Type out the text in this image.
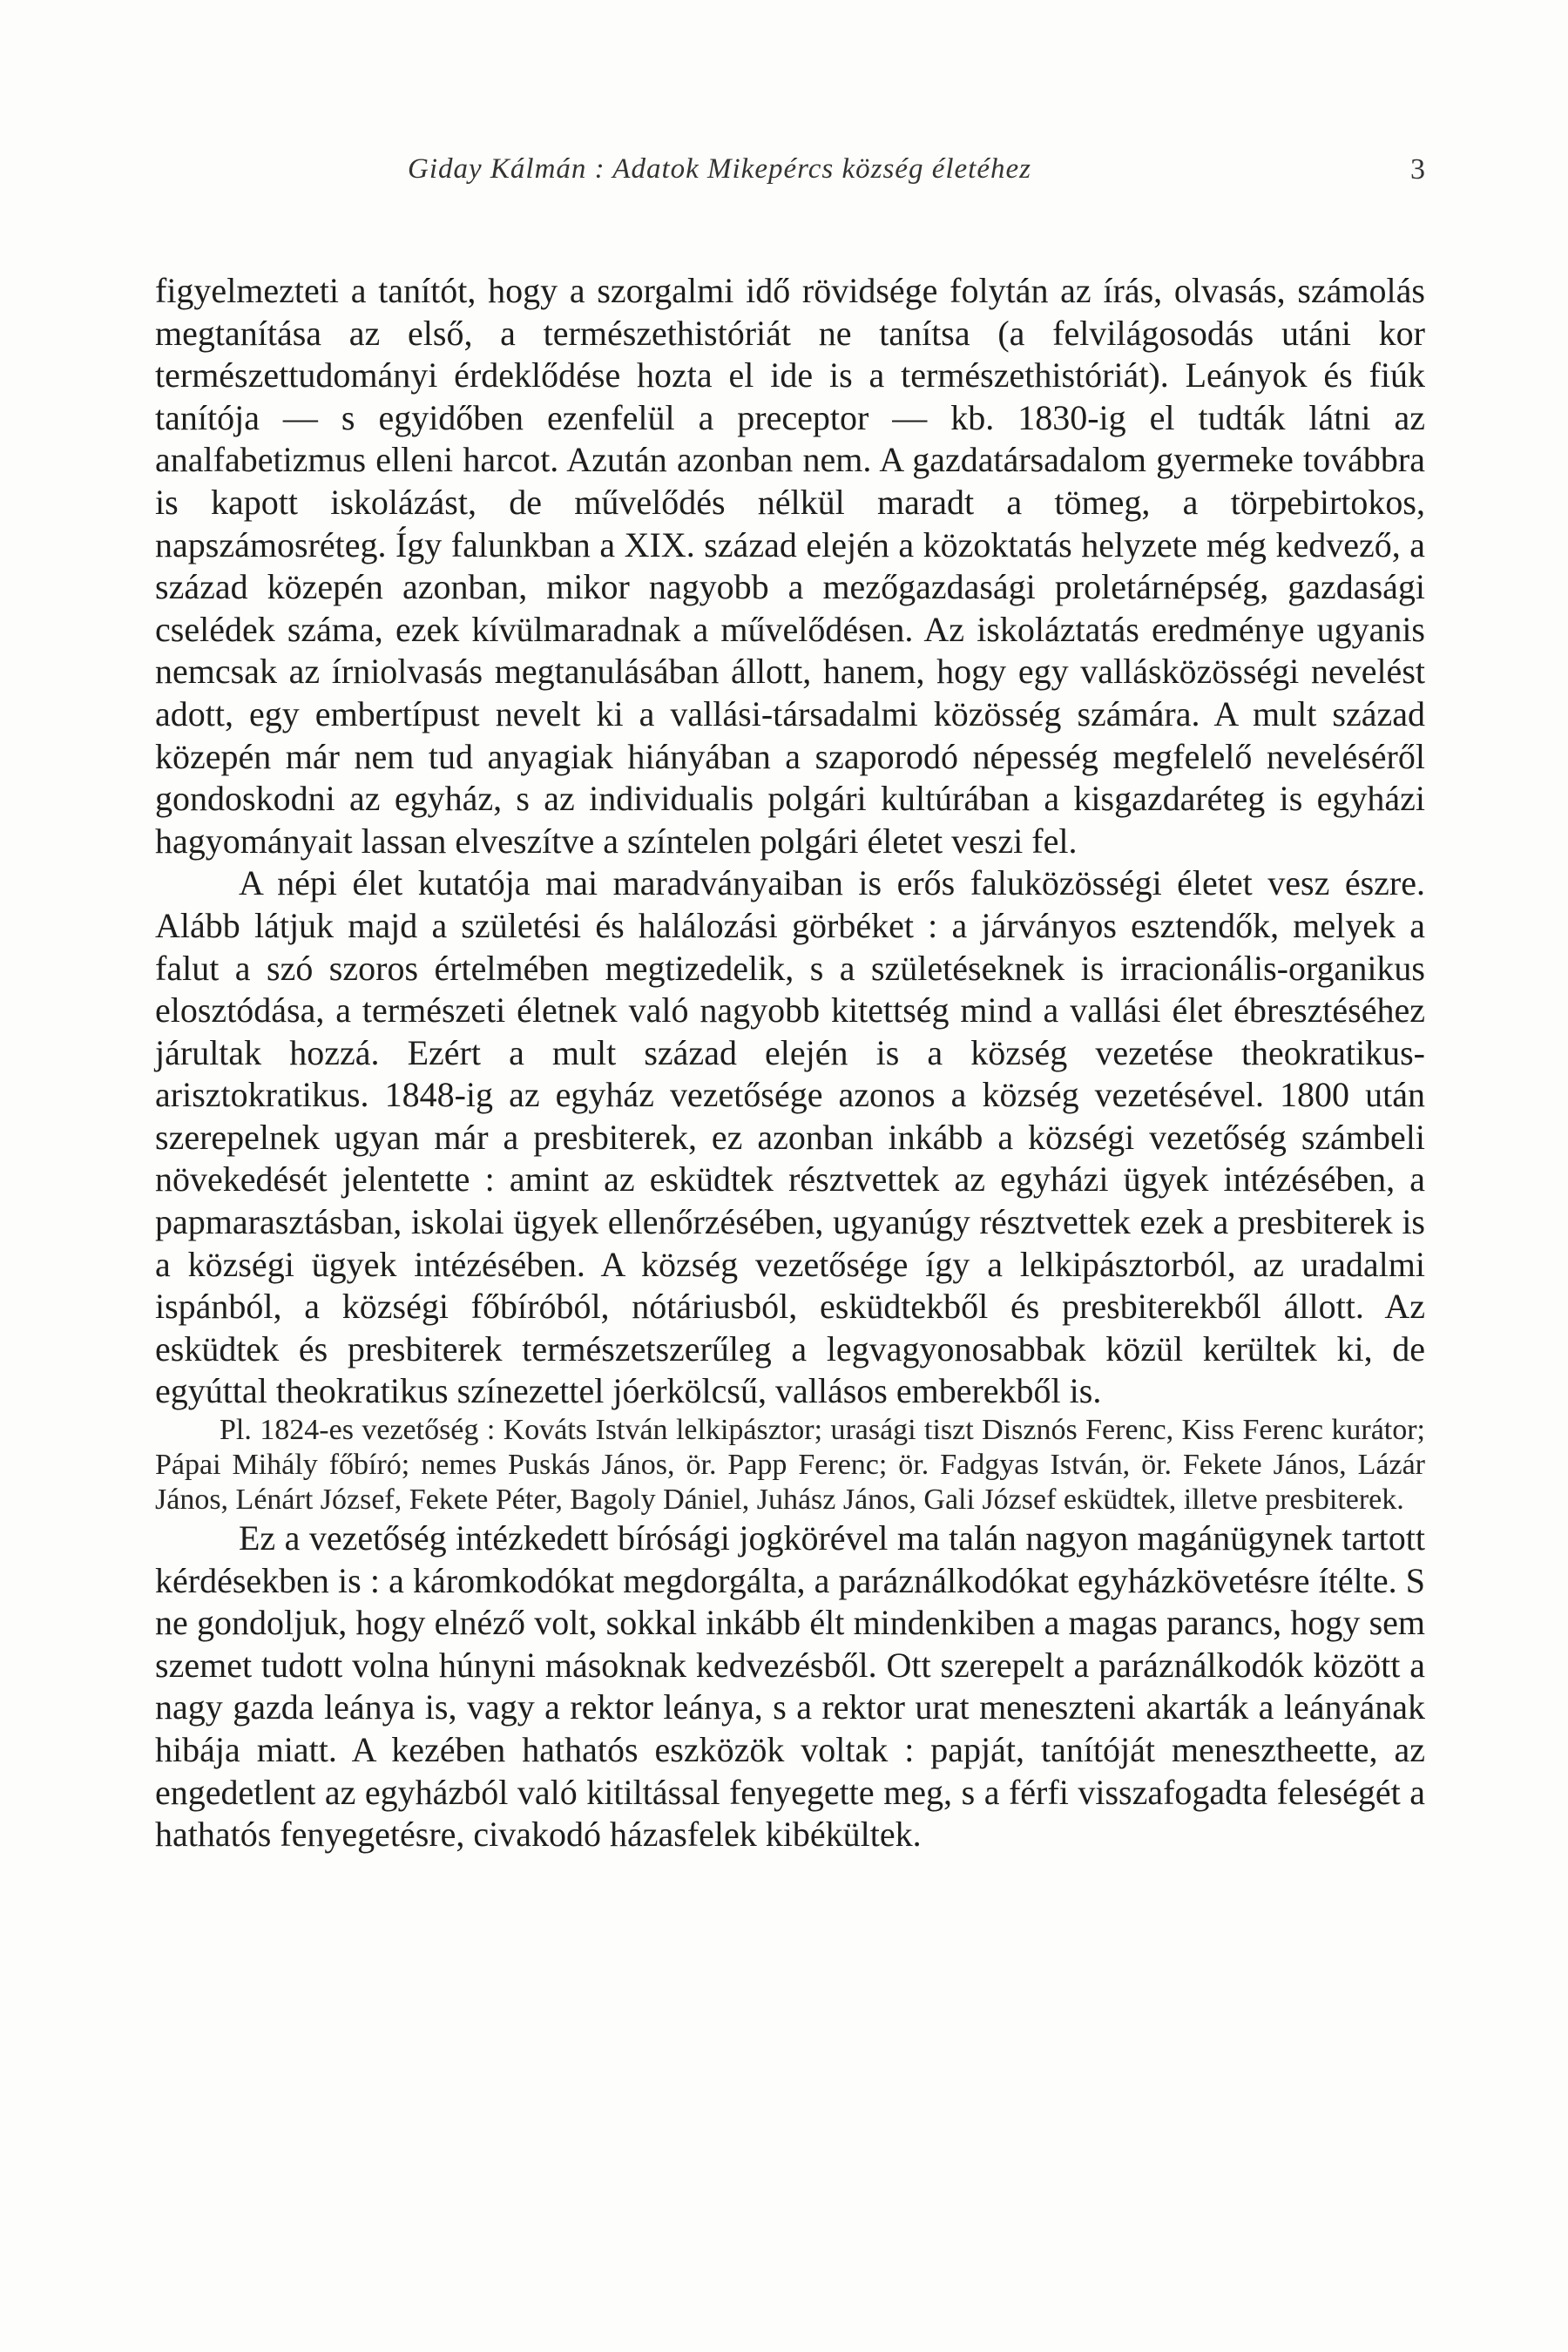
Giday Kálmán : Adatok Mikepércs község életéhez	3

figyelmezteti a tanítót, hogy a szorgalmi idő rövidsége folytán az írás, olvasás, számolás megtanítása az első, a természethistóriát ne tanítsa (a felvilágosodás utáni kor természettudományi érdeklődése hozta el ide is a természethistóriát). Leányok és fiúk tanítója — s egyidőben ezenfelül a preceptor — kb. 1830-ig el tudták látni az analfabetizmus elleni harcot. Azután azonban nem. A gazdatársadalom gyermeke továbbra is kapott iskolázást, de művelődés nélkül maradt a tömeg, a törpebirtokos, napszámosréteg. Így falunkban a XIX. század elején a közoktatás helyzete még kedvező, a század közepén azonban, mikor nagyobb a mezőgazdasági proletárnépség, gazdasági cselédek száma, ezek kívülmaradnak a művelődésen. Az iskoláztatás eredménye ugyanis nemcsak az írniolvasás megtanulásában állott, hanem, hogy egy vallásközösségi nevelést adott, egy embertípust nevelt ki a vallási-társadalmi közösség számára. A mult század közepén már nem tud anyagiak hiányában a szaporodó népesség megfelelő neveléséről gondoskodni az egyház, s az individualis polgári kultúrában a kisgazdaréteg is egyházi hagyományait lassan elveszítve a színtelen polgári életet veszi fel.

A népi élet kutatója mai maradványaiban is erős faluközösségi életet vesz észre. Alább látjuk majd a születési és halálozási görbéket : a járványos esztendők, melyek a falut a szó szoros értelmében megtizedelik, s a születéseknek is irracionális-organikus elosztódása, a természeti életnek való nagyobb kitettség mind a vallási élet ébresztéséhez járultak hozzá. Ezért a mult század elején is a község vezetése theokratikus-arisztokratikus. 1848-ig az egyház vezetősége azonos a község vezetésével. 1800 után szerepelnek ugyan már a presbiterek, ez azonban inkább a községi vezetőség számbeli növekedését jelentette : amint az esküdtek résztvettek az egyházi ügyek intézésében, a papmarasztásban, iskolai ügyek ellenőrzésében, ugyanúgy résztvettek ezek a presbiterek is a községi ügyek intézésében. A község vezetősége így a lelkipásztorból, az uradalmi ispánból, a községi főbíróból, nótáriusból, esküdtekből és presbiterekből állott. Az esküdtek és presbiterek természetszerűleg a legvagyonosabbak közül kerültek ki, de egyúttal theokratikus színezettel jóerkölcsű, vallásos emberekből is.

Pl. 1824-es vezetőség : Kováts István lelkipásztor; urasági tiszt Disznós Ferenc, Kiss Ferenc kurátor; Pápai Mihály főbíró; nemes Puskás János, ör. Papp Ferenc; ör. Fadgyas István, ör. Fekete János, Lázár János, Lénárt József, Fekete Péter, Bagoly Dániel, Juhász János, Gali József esküdtek, illetve presbiterek.

Ez a vezetőség intézkedett bírósági jogkörével ma talán nagyon magánügynek tartott kérdésekben is : a káromkodókat megdorgálta, a paráználkodókat egyházkövetésre ítélte. S ne gondoljuk, hogy elnéző volt, sokkal inkább élt mindenkiben a magas parancs, hogy sem szemet tudott volna húnyni másoknak kedvezésből. Ott szerepelt a paráználkodók között a nagy gazda leánya is, vagy a rektor leánya, s a rektor urat meneszteni akarták a leányának hibája miatt. A kezében hathatós eszközök voltak : papját, tanítóját menesztheette, az engedetlent az egyházból való kitiltással fenyegette meg, s a férfi visszafogadta feleségét a hathatós fenyegetésre, civakodó házasfelek kibékültek.
